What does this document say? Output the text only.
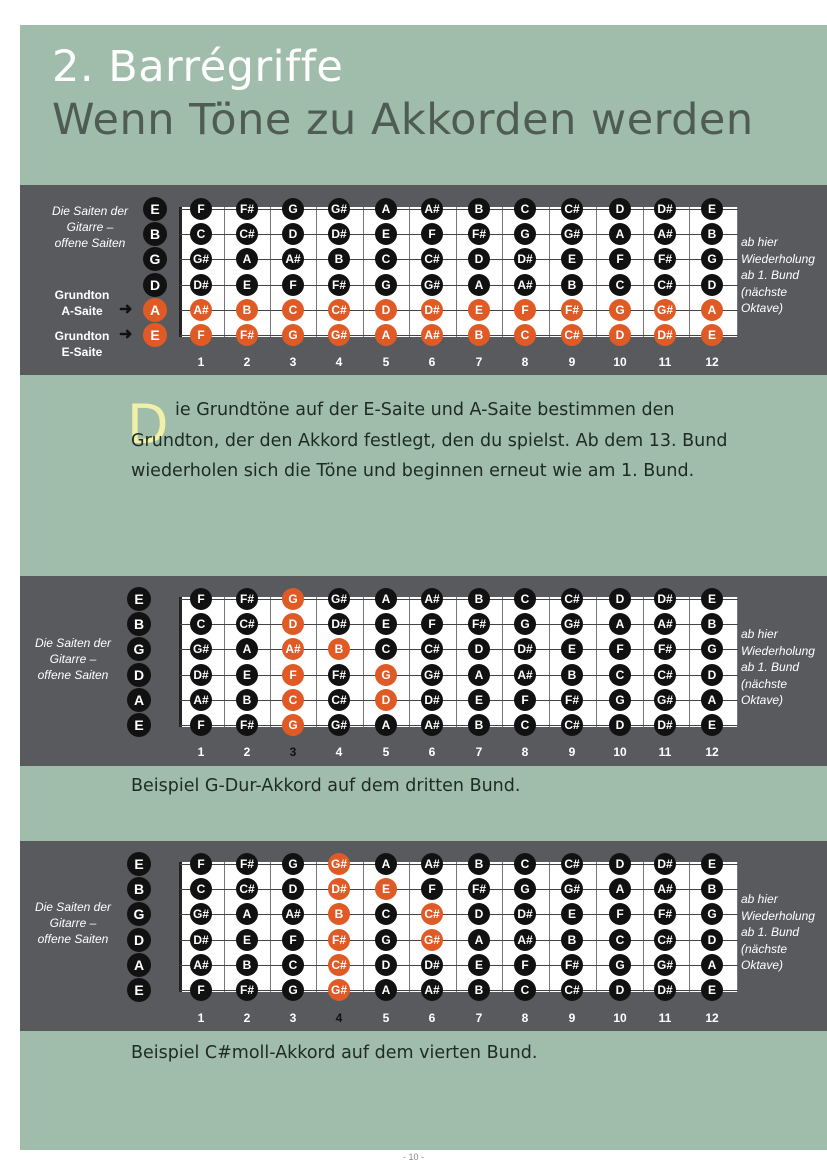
2. Barrégriffe
Wenn Töne zu Akkorden werden
D ie Grundtöne auf der E-Saite und A-Saite bestimmen den Grundton, der den Akkord festlegt, den du spielst. Ab dem 13. Bund wiederholen sich die Töne und beginnen erneut wie am 1. Bund.
Beispiel G-Dur-Akkord auf dem dritten Bund.
Beispiel C#moll-Akkord auf dem vierten Bund.
- 10 -
E
B
G
D
A
E
F	F#	G	G#	A	A#	B	C	C#	D	D#	E
C	C#	D	D#	E	F	F#	G	G#	A	A#	B
G#	A	A#	B	C	C#	D	D#	E	F	F#	G
D#	E	F	F#	G	G#	A	A#	B	C	C#	D
A#	B	C	C#	D	D#	E	F	F#	G	G#	A
F	F#	G	G#	A	A#	B	C	C#	D	D#	E
1	2	3	4	5	6	7	8	9	10	11	12
Die Saiten der
Gitarre –
offene Saiten	ab hier
Wiederholung
ab 1. Bund
(nächste
Oktave)
Grundton
A-Saite
Grundton
E-Saite
➜
➜
E
B
G
D
A
E
F	F#	G	G#	A	A#	B	C	C#	D	D#	E
C	C#	D	D#	E	F	F#	G	G#	A	A#	B
G#	A	A#	B	C	C#	D	D#	E	F	F#	G
D#	E	F	F#	G	G#	A	A#	B	C	C#	D
A#	B	C	C#	D	D#	E	F	F#	G	G#	A
F	F#	G	G#	A	A#	B	C	C#	D	D#	E
1	2	3	4	5	6	7	8	9	10	11	12
Die Saiten der
Gitarre –
offene Saiten
ab hier
Wiederholung
ab 1. Bund
(nächste
Oktave)
E
B
G
D
A
E
F	F#	G	G#	A	A#	B	C	C#	D	D#	E
C	C#	D	D#	E	F	F#	G	G#	A	A#	B
G#	A	A#	B	C	C#	D	D#	E	F	F#	G
D#	E	F	F#	G	G#	A	A#	B	C	C#	D
A#	B	C	C#	D	D#	E	F	F#	G	G#	A
F	F#	G	G#	A	A#	B	C	C#	D	D#	E
1	2	3	4	5	6	7	8	9	10	11	12
Die Saiten der
Gitarre –
offene Saiten
ab hier
Wiederholung
ab 1. Bund
(nächste
Oktave)
